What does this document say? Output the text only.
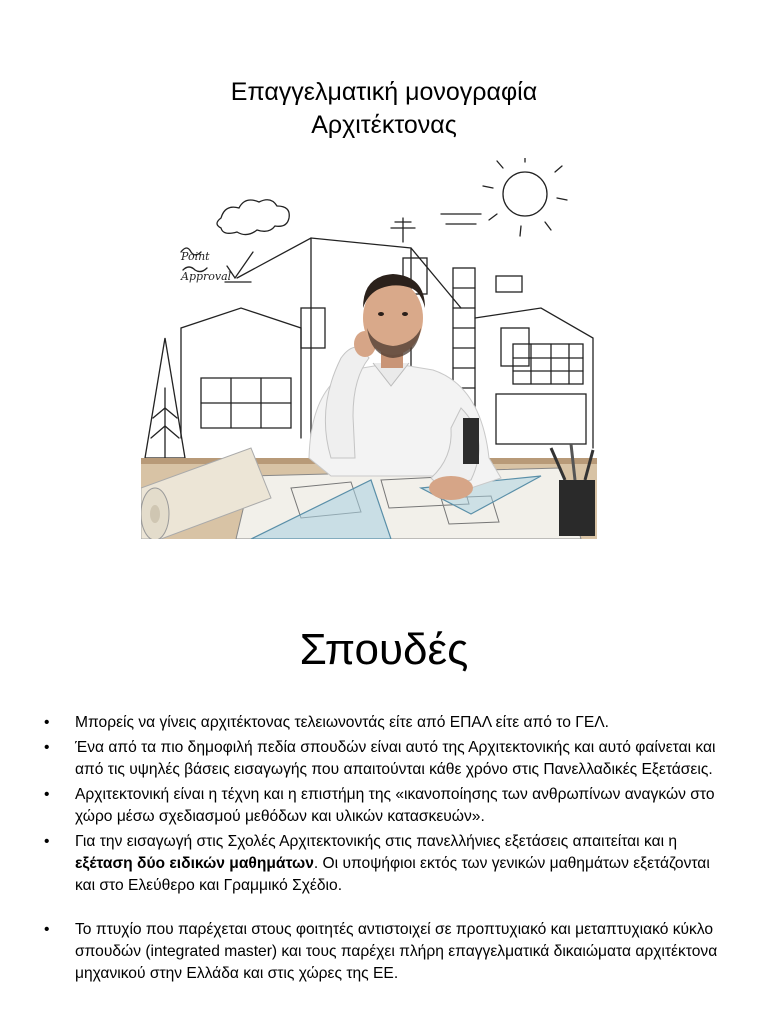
Επαγγελματική μονογραφία
Αρχιτέκτονας
Point
Approval
Σπουδές
• Μπορείς να γίνεις αρχιτέκτονας τελειωνοντάς είτε από ΕΠΑΛ είτε από το ΓΕΛ.
• Ένα από τα πιο δημοφιλή πεδία σπουδών είναι αυτό της Αρχιτεκτονικής και αυτό φαίνεται και από τις υψηλές βάσεις εισαγωγής που απαιτούνται κάθε χρόνο στις Πανελλαδικές Εξετάσεις.
• Αρχιτεκτονική είναι η τέχνη και η επιστήμη της «ικανοποίησης των ανθρωπίνων αναγκών στο χώρο μέσω σχεδιασμού μεθόδων και υλικών κατασκευών».
• Για την εισαγωγή στις Σχολές Αρχιτεκτονικής στις πανελλήνιες εξετάσεις απαιτείται και η εξέταση δύο ειδικών μαθημάτων. Οι υποψήφιοι εκτός των γενικών μαθημάτων εξετάζονται και στο Ελεύθερο και Γραμμικό Σχέδιο.
• Το πτυχίο που παρέχεται στους φοιτητές αντιστοιχεί σε προπτυχιακό και μεταπτυχιακό κύκλο σπουδών (integrated master) και τους παρέχει πλήρη επαγγελματικά δικαιώματα αρχιτέκτονα μηχανικού στην Ελλάδα και στις χώρες της ΕΕ.
